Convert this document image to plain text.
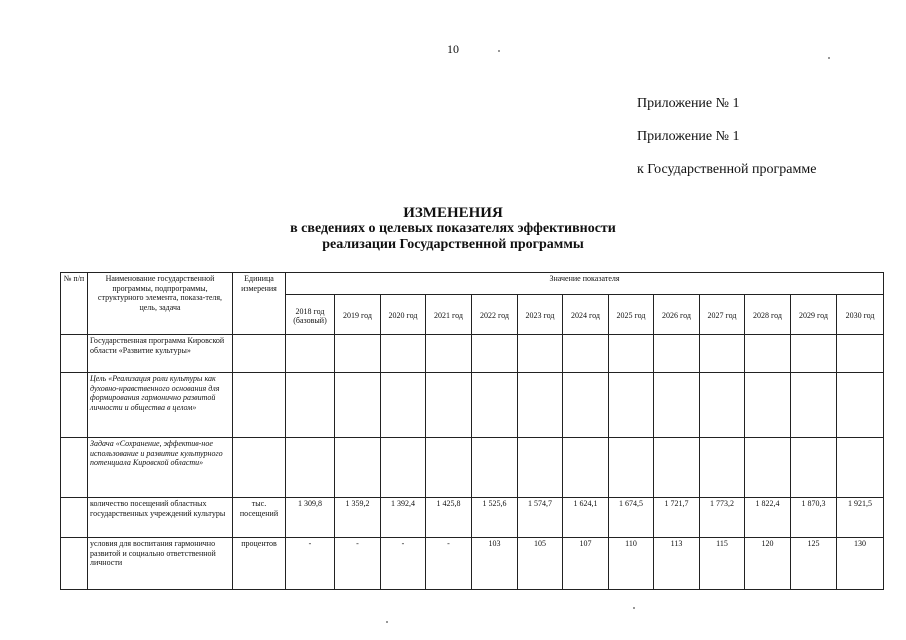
10
Приложение № 1
Приложение № 1
к Государственной программе
ИЗМЕНЕНИЯ
в сведениях о целевых показателях эффективности
реализации Государственной программы
№ п/п	Наименование государственной программы, подпрограммы, структурного элемента, показа-теля, цель, задача	Единица измерения	Значение показателя												
			2018 год (базовый)	2019 год	2020 год	2021 год	2022 год	2023 год	2024 год	2025 год	2026 год	2027 год	2028 год	2029 год	2030 год
	Государственная программа Кировской области «Развитие культуры»														
	Цель «Реализация роли культуры как духовно-нравственного основания для формирования гармонично развитой личности и общества в целом»														
	Задача «Сохранение, эффектив-ное использование и развитие культурного потенциала Кировской области»														
	количество посещений областных государственных учреждений культуры	тыс. посещений	1 309,8	1 359,2	1 392,4	1 425,8	1 525,6	1 574,7	1 624,1	1 674,5	1 721,7	1 773,2	1 822,4	1 870,3	1 921,5
	условия для воспитания гармонично развитой и социально ответственной личности	процентов	-	-	-	-	103	105	107	110	113	115	120	125	130
